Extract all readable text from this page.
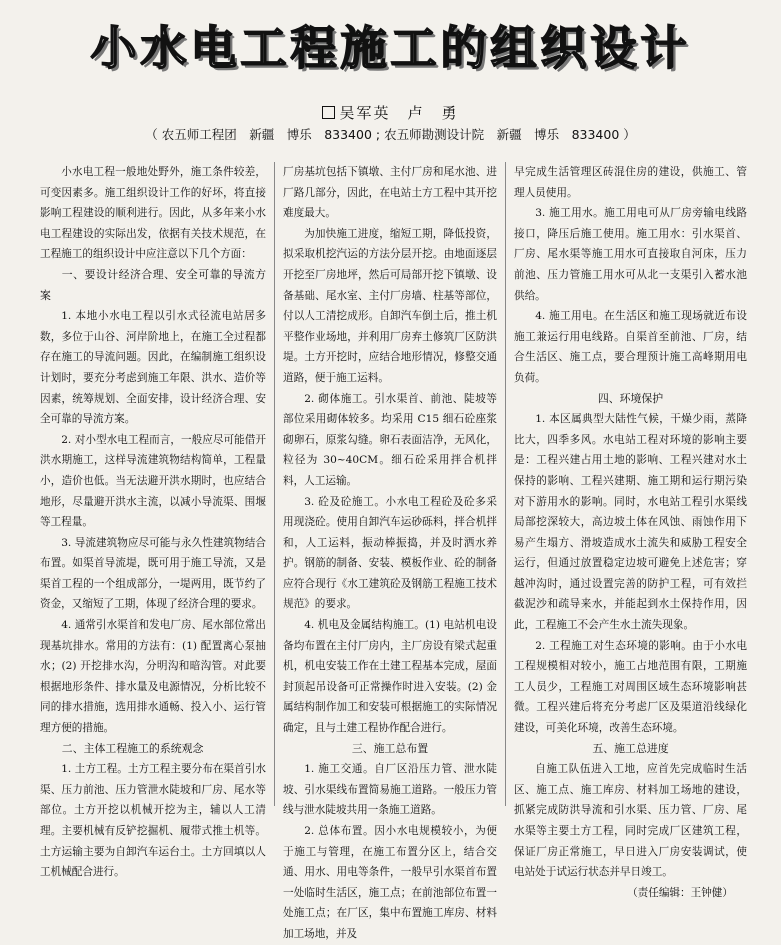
小水电工程施工的组织设计
吴军英　卢　勇
（ 农五师工程团　新疆　博乐　833400 ; 农五师勘测设计院　新疆　博乐　833400 ）

小水电工程一般地处野外，施工条件较差，可变因素多。施工组织设计工作的好坏，将直接影响工程建设的顺利进行。因此，从多年来小水电工程建设的实际出发，依据有关技术规范，在工程施工的组织设计中应注意以下几个方面：

一、要设计经济合理、安全可靠的导流方案

1. 本地小水电工程以引水式径流电站居多数，多位于山谷、河岸阶地上，在施工全过程都存在施工的导流问题。因此，在编制施工组织设计划时，要充分考虑到施工年限、洪水、造价等因素，统筹规划、全面安排，设计经济合理、安全可靠的导流方案。

2. 对小型水电工程而言，一般应尽可能借开洪水期施工，这样导流建筑物结构简单，工程量小，造价也低。当无法避开洪水期时，也应结合地形，尽量避开洪水主流，以减小导流渠、围堰等工程量。

3. 导流建筑物应尽可能与永久性建筑物结合布置。如渠首导流堤，既可用于施工导流，又是渠首工程的一个组成部分，一堤两用，既节约了资金，又缩短了工期，体现了经济合理的要求。

4. 通常引水渠首和发电厂房、尾水部位常出现基坑排水。常用的方法有：(1) 配置离心泵抽水；(2) 开挖排水沟，分明沟和暗沟管。对此要根据地形条件、排水量及电源情况，分析比较不同的排水措施，选用排水通畅、投入小、运行管理方便的措施。

二、主体工程施工的系统观念

1. 土方工程。土方工程主要分布在渠首引水渠、压力前池、压力管泄水陡坡和厂房、尾水等部位。土方开挖以机械开挖为主，辅以人工清理。主要机械有反铲挖掘机、履带式推土机等。土方运输主要为自卸汽车运台土。土方回填以人工机械配合进行。

厂房基坑包括下镇墩、主付厂房和尾水池、进厂路几部分，因此，在电站土方工程中其开挖难度最大。

为加快施工进度，缩短工期，降低投资，拟采取机挖汽运的方法分层开挖。由地面逐层开挖至厂房地坪，然后可局部开挖下镇墩、设备基础、尾水室、主付厂房墙、柱基等部位，付以人工清挖成形。自卸汽车倒土后，推土机平整作业场地，并利用厂房弃土修筑厂区防洪堤。土方开挖时，应结合地形情况，修整交通道路，便于施工运料。

2. 砌体施工。引水渠首、前池、陡坡等部位采用砌体较多。均采用 C15 细石砼座浆砌卵石，原浆勾缝。卵石表面洁净，无风化，粒径为 30~40CM。细石砼采用拌合机拌料，人工运输。

3. 砼及砼施工。小水电工程砼及砼多采用现浇砼。使用自卸汽车运砂砾料，拌合机拌和，人工运料，振动棒振捣，并及时洒水养护。钢筋的制备、安装、模板作业、砼的制备应符合现行《水工建筑砼及钢筋工程施工技术规范》的要求。

4. 机电及金属结构施工。(1) 电站机电设备均布置在主付厂房内，主厂房设有梁式起重机，机电安装工作在土建工程基本完成，屋面封顶起吊设备可正常操作时进入安装。(2) 金属结构制作加工和安装可根据施工的实际情况确定，且与土建工程协作配合进行。

三、施工总布置

1. 施工交通。自厂区沿压力管、泄水陡坡、引水渠线布置简易施工道路。一般压力管线与泄水陡坡共用一条施工道路。

2. 总体布置。因小水电规模较小，为便于施工与管理，在施工布置分区上，结合交通、用水、用电等条件，一般早引水渠首布置一处临时生活区，施工点；在前池部位布置一处施工点；在厂区，集中布置施工库房、材料加工场地，并及

早完成生活管理区砖混住房的建设，供施工、管理人员使用。

3. 施工用水。施工用电可从厂房旁输电线路接口，降压后施工使用。施工用水：引水渠首、厂房、尾水渠等施工用水可直接取自河床，压力前池、压力管施工用水可从北一支渠引入蓄水池供给。

4. 施工用电。在生活区和施工现场就近布设施工兼运行用电线路。自渠首至前池、厂房，结合生活区、施工点，要合理预计施工高峰期用电负荷。

四、环境保护

1. 本区属典型大陆性气候，干燥少雨，蒸降比大，四季多风。水电站工程对环境的影响主要是：工程兴建占用土地的影响、工程兴建对水土保持的影响、工程兴建期、施工期和运行期污染对下游用水的影响。同时，水电站工程引水渠线局部挖深较大，高边坡土体在风蚀、雨蚀作用下易产生塌方、滑坡造成水土流失和威胁工程安全运行，但通过放置稳定边坡可避免上述危害；穿越冲沟时，通过设置完善的防护工程，可有效拦截泥沙和疏导来水，并能起到水土保持作用，因此，工程施工不会产生水土流失现象。

2. 工程施工对生态环境的影响。由于小水电工程规模相对较小，施工占地范围有限，工期施工人员少，工程施工对周围区域生态环境影响甚微。工程兴建后将充分考虑厂区及渠道沿线绿化建设，可美化环境，改善生态环境。

五、施工总进度

自施工队伍进入工地，应首先完成临时生活区、施工点、施工库房、材料加工场地的建设，抓紧完成防洪导流和引水渠、压力管、厂房、尾水渠等主要土方工程，同时完成厂区建筑工程，保证厂房正常施工，早日进入厂房安装调试，使电站处于试运行状态并早日竣工。

（责任编辑：王钟健）
